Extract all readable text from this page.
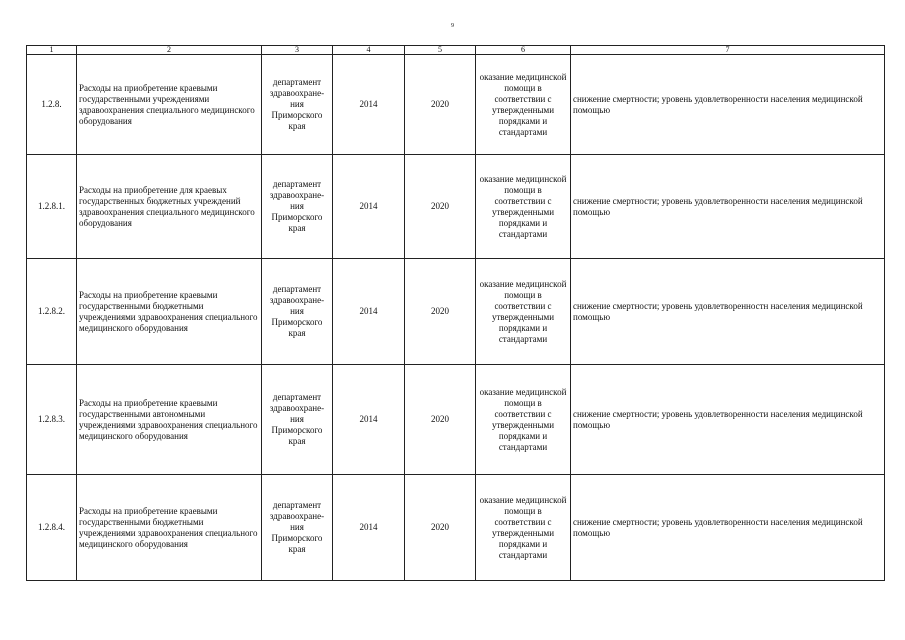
9
1	2	3	4	5	6	7
1.2.8.	Расходы на приобретение краевыми государственными учреждениями здравоохранения специального медицинского оборудования	департамент здравоохране- ния Приморского края	2014	2020	оказание медицинской помощи в соответствии с утвержденными порядками и стандартами	снижение смертности; уровень удовлетворенности населения медицинской помощью
1.2.8.1.	Расходы на приобретение для краевых государственных бюджетных учреждений здравоохранения специального медицинского оборудования	департамент здравоохране- ния Приморского края	2014	2020	оказание медицинской помощи в соответствии с утвержденными порядками и стандартами	снижение смертности; уровень удовлетворенности населения медицинской помощью
1.2.8.2.	Расходы на приобретение краевыми государственными бюджетными учреждениями здравоохранения специального медицинского оборудования	департамент здравоохране- ния Приморского края	2014	2020	оказание медицинской помощи в соответствии с утвержденными порядками и стандартами	снижение смертности; уровень удовлетворенностн населения медицинской помощью
1.2.8.3.	Расходы на приобретение краевыми государственными автономными учреждениями здравоохранения специального медицинского оборудования	департамент здравоохране- ния Приморского края	2014	2020	оказание медицинской помощи в соответствии с утвержденными порядками и стандартами	снижение смертности; уровень удовлетворенности населения медицинской помощью
1.2.8.4.	Расходы на приобретение краевыми государственными бюджетными учреждениями здравоохранения специального медицинского оборудования	департамент здравоохране- ния Приморского края	2014	2020	оказание медицинской помощи в соответствии с утвержденными порядками и стандартами	снижение смертности; уровень удовлетворенности населения медицинской помощью
